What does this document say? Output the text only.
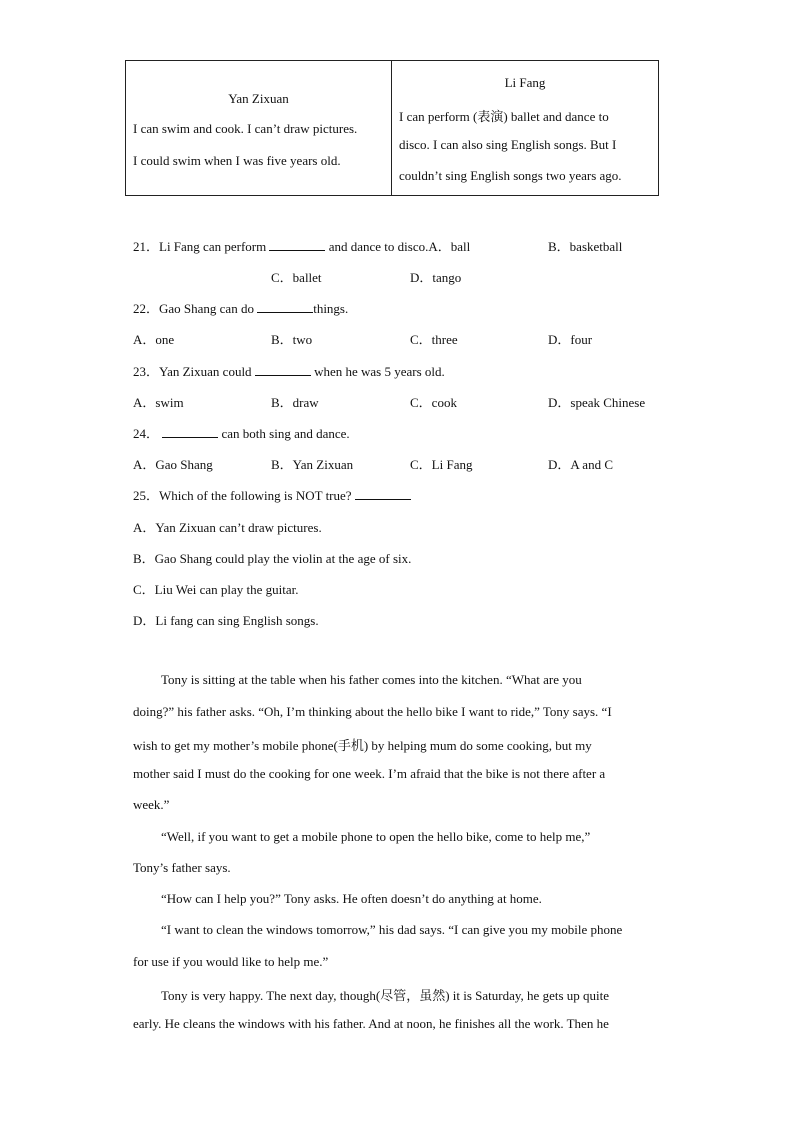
Yan Zixuan
I can swim and cook. I can’t draw pictures.
I could swim when I was five years old.
Li Fang
I can perform (表演) ballet and dance to
disco. I can also sing English songs. But I
couldn’t sing English songs two years ago.
21．Li Fang can perform	and dance to disco.A．ball	B．basketball
C．ballet	D．tango
22．Gao Shang can do	things.
A．one	B．two	C．three	D．four
23．Yan Zixuan could	when he was 5 years old.
A．swim	B．draw	C．cook	D．speak Chinese
24．	can both sing and dance.
A．Gao Shang	B．Yan Zixuan	C．Li Fang	D．A and C
25．Which of the following is NOT true?
A．Yan Zixuan can’t draw pictures.
B．Gao Shang could play the violin at the age of six.
C．Liu Wei can play the guitar.
D．Li fang can sing English songs.
Tony is sitting at the table when his father comes into the kitchen. “What are you
doing?” his father asks. “Oh, I’m thinking about the hello bike I want to ride,” Tony says. “I
wish to get my mother’s mobile phone(手机) by helping mum do some cooking, but my
mother said I must do the cooking for one week. I’m afraid that the bike is not there after a
week.”
“Well, if you want to get a mobile phone to open the hello bike, come to help me,”
Tony’s father says.
“How can I help you?” Tony asks. He often doesn’t do anything at home.
“I want to clean the windows tomorrow,” his dad says. “I can give you my mobile phone
for use if you would like to help me.”
Tony is very happy. The next day, though(尽管，虽然) it is Saturday, he gets up quite
early. He cleans the windows with his father. And at noon, he finishes all the work. Then he
